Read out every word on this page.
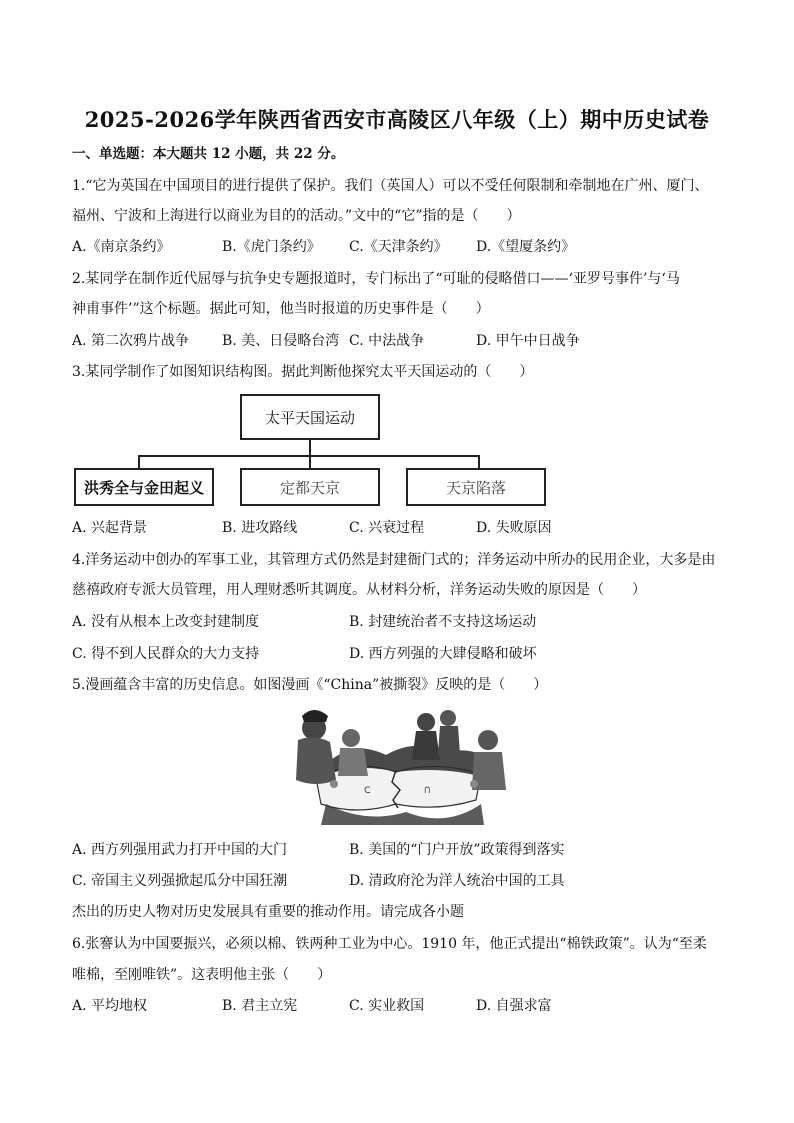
2025-2026学年陕西省西安市高陵区八年级（上）期中历史试卷
一、单选题：本大题共 12 小题，共 22 分。
1.“它为英国在中国项目的进行提供了保护。我们（英国人）可以不受任何限制和牵制地在广州、厦门、
福州、宁波和上海进行以商业为目的的活动。”文中的“它”指的是（　　）
A.《南京条约》	B.《虎门条约》 C.《天津条约》 D.《望厦条约》
2.某同学在制作近代屈辱与抗争史专题报道时，专门标出了“可耻的侵略借口——‘亚罗号事件’与‘马
神甫事件’”这个标题。据此可知，他当时报道的历史事件是（　　）
A. 第二次鸦片战争 B. 美、日侵略台湾 C. 中法战争	D. 甲午中日战争
3.某同学制作了如图知识结构图。据此判断他探究太平天国运动的（　　）
太平天国运动
洪秀全与金田起义	定都天京	天京陷落
A. 兴起背景	B. 进攻路线	C. 兴衰过程	D. 失败原因
4.洋务运动中创办的军事工业，其管理方式仍然是封建衙门式的；洋务运动中所办的民用企业，大多是由
慈禧政府专派大员管理，用人理财悉听其调度。从材料分析，洋务运动失败的原因是（　　）
A. 没有从根本上改变封建制度	B. 封建统治者不支持这场运动
C. 得不到人民群众的大力支持	D. 西方列强的大肆侵略和破坏
5.漫画蕴含丰富的历史信息。如图漫画《“China”被撕裂》反映的是（　　）
ᑕ	ᑎ
A. 西方列强用武力打开中国的大门	B. 美国的“门户开放”政策得到落实
C. 帝国主义列强掀起瓜分中国狂潮	D. 清政府沦为洋人统治中国的工具
杰出的历史人物对历史发展具有重要的推动作用。请完成各小题
6.张謇认为中国要振兴，必须以棉、铁两种工业为中心。1910 年，他正式提出“棉铁政策”。认为“至柔
唯棉，至刚唯铁”。这表明他主张（　　）
A. 平均地权	B. 君主立宪	C. 实业救国	D. 自强求富
